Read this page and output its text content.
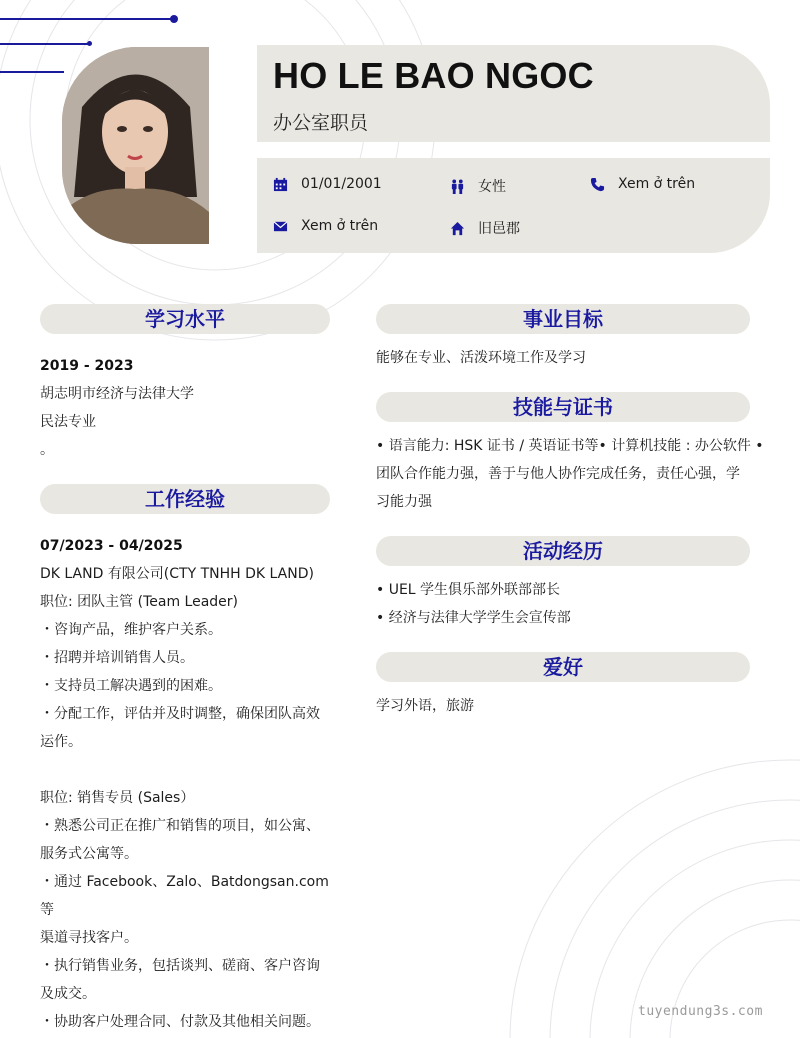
HO LE BAO NGOC
办公室职员
01/01/2001	女性	Xem ở trên
Xem ở trên	旧邑郡
学习水平
2019 - 2023
胡志明市经济与法律大学
民法专业
。
工作经验
07/2023 - 04/2025
DK LAND 有限公司(CTY TNHH DK LAND)
职位: 团队主管 (Team Leader)
・咨询产品，维护客户关系。
・招聘并培训销售人员。
・支持员工解决遇到的困难。
・分配工作，评估并及时调整，确保团队高效
运作。
职位: 销售专员 (Sales）
・熟悉公司正在推广和销售的项目，如公寓、
服务式公寓等。
・通过 Facebook、Zalo、Batdongsan.com 等
渠道寻找客户。
・执行销售业务，包括谈判、磋商、客户咨询
及成交。
・协助客户处理合同、付款及其他相关问题。
事业目标
能够在专业、活泼环境工作及学习
技能与证书
• 语言能力: HSK 证书 / 英语证书等• 计算机技能 : 办公软件 •
团队合作能力强，善于与他人协作完成任务，责任心强，学
习能力强
活动经历
• UEL 学生俱乐部外联部部长
• 经济与法律大学学生会宣传部
爱好
学习外语，旅游
tuyendung3s.com
